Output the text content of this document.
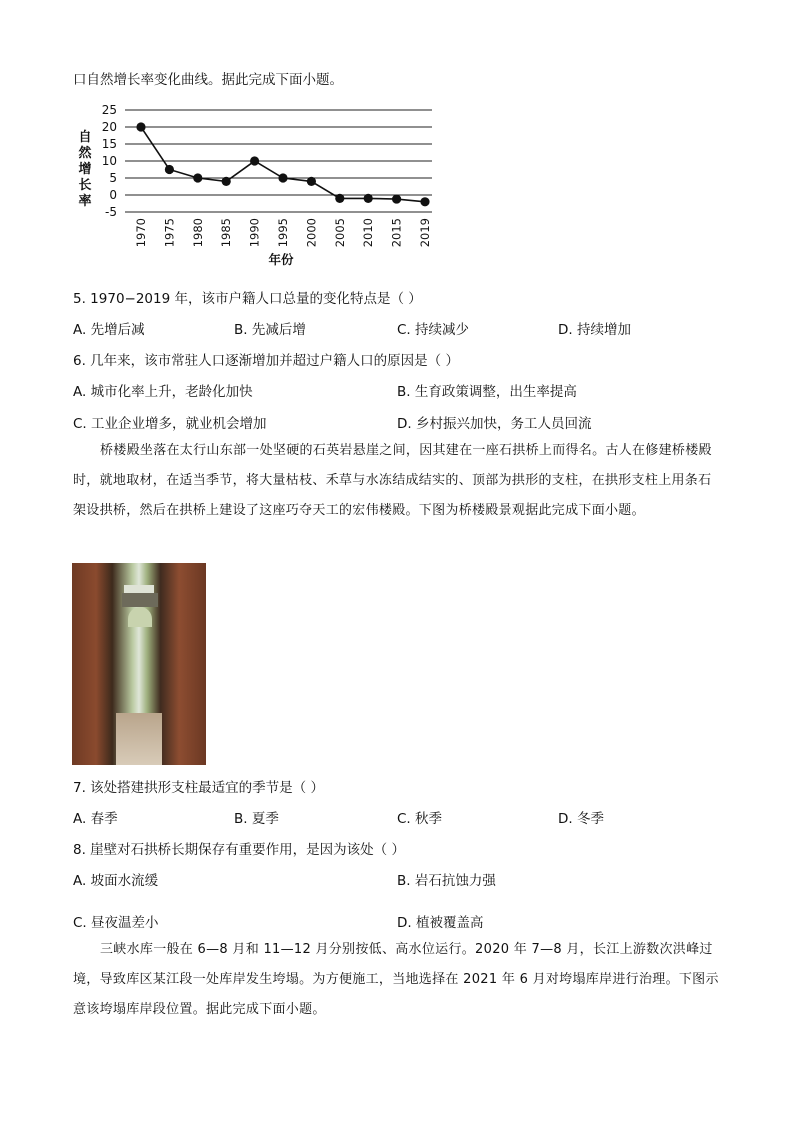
口自然增长率变化曲线。据此完成下面小题。
25
20
15
10
5
0
-5
1970 1975 1980 1985 1990 1995 2000 2005 2010 2015 2019
自
然
增
长
率
年份
5. 1970−2019 年，该市户籍人口总量的变化特点是（ ）
A. 先增后减	B. 先减后增	C. 持续减少	D. 持续增加
6. 几年来，该市常驻人口逐渐增加并超过户籍人口的原因是（ ）
A. 城市化率上升，老龄化加快	B. 生育政策调整，出生率提高
C. 工业企业增多，就业机会增加	D. 乡村振兴加快，务工人员回流
桥楼殿坐落在太行山东部一处坚硬的石英岩悬崖之间，因其建在一座石拱桥上而得名。古人在修建桥楼殿时，就地取材，在适当季节，将大量枯枝、禾草与水冻结成结实的、顶部为拱形的支柱，在拱形支柱上用条石架设拱桥，然后在拱桥上建设了这座巧夺天工的宏伟楼殿。下图为桥楼殿景观据此完成下面小题。
7. 该处搭建拱形支柱最适宜的季节是（ ）
A. 春季	B. 夏季	C. 秋季	D. 冬季
8. 崖壁对石拱桥长期保存有重要作用，是因为该处（ ）
A. 坡面水流缓	B. 岩石抗蚀力强
C. 昼夜温差小	D. 植被覆盖高
三峡水库一般在 6—8 月和 11—12 月分别按低、高水位运行。2020 年 7—8 月，长江上游数次洪峰过境，导致库区某江段一处库岸发生垮塌。为方便施工，当地选择在 2021 年 6 月对垮塌库岸进行治理。下图示意该垮塌库岸段位置。据此完成下面小题。
